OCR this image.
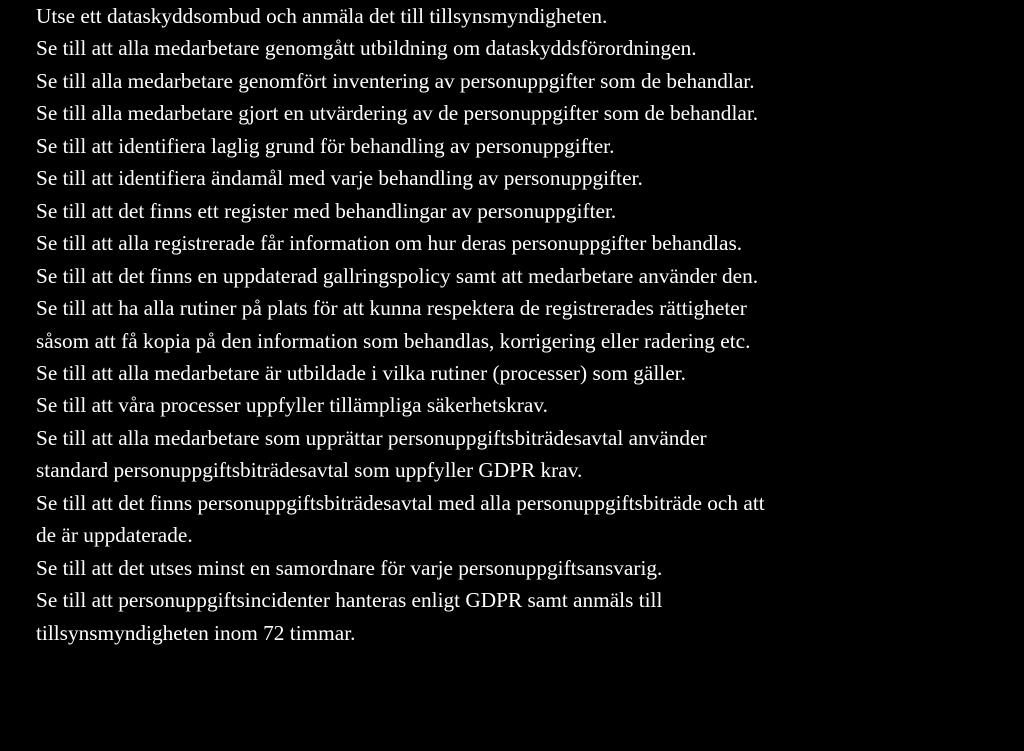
Utse ett dataskyddsombud och anmäla det till tillsynsmyndigheten.
Se till att alla medarbetare genomgått utbildning om dataskyddsförordningen.
Se till alla medarbetare genomfört inventering av personuppgifter som de behandlar.
Se till alla medarbetare gjort en utvärdering av de personuppgifter som de behandlar.
Se till att identifiera laglig grund för behandling av personuppgifter.
Se till att identifiera ändamål med varje behandling av personuppgifter.
Se till att det finns ett register med behandlingar av personuppgifter.
Se till att alla registrerade får information om hur deras personuppgifter behandlas.
Se till att det finns en uppdaterad gallringspolicy samt att medarbetare använder den.
Se till att ha alla rutiner på plats för att kunna respektera de registrerades rättigheter
såsom att få kopia på den information som behandlas, korrigering eller radering etc.
Se till att alla medarbetare är utbildade i vilka rutiner (processer) som gäller.
Se till att våra processer uppfyller tillämpliga säkerhetskrav.
Se till att alla medarbetare som upprättar personuppgiftsbiträdesavtal använder
standard personuppgiftsbiträdesavtal som uppfyller GDPR krav.
Se till att det finns personuppgiftsbiträdesavtal med alla personuppgiftsbiträde och att
de är uppdaterade.
Se till att det utses minst en samordnare för varje personuppgiftsansvarig.
Se till att personuppgiftsincidenter hanteras enligt GDPR samt anmäls till
tillsynsmyndigheten inom 72 timmar.
